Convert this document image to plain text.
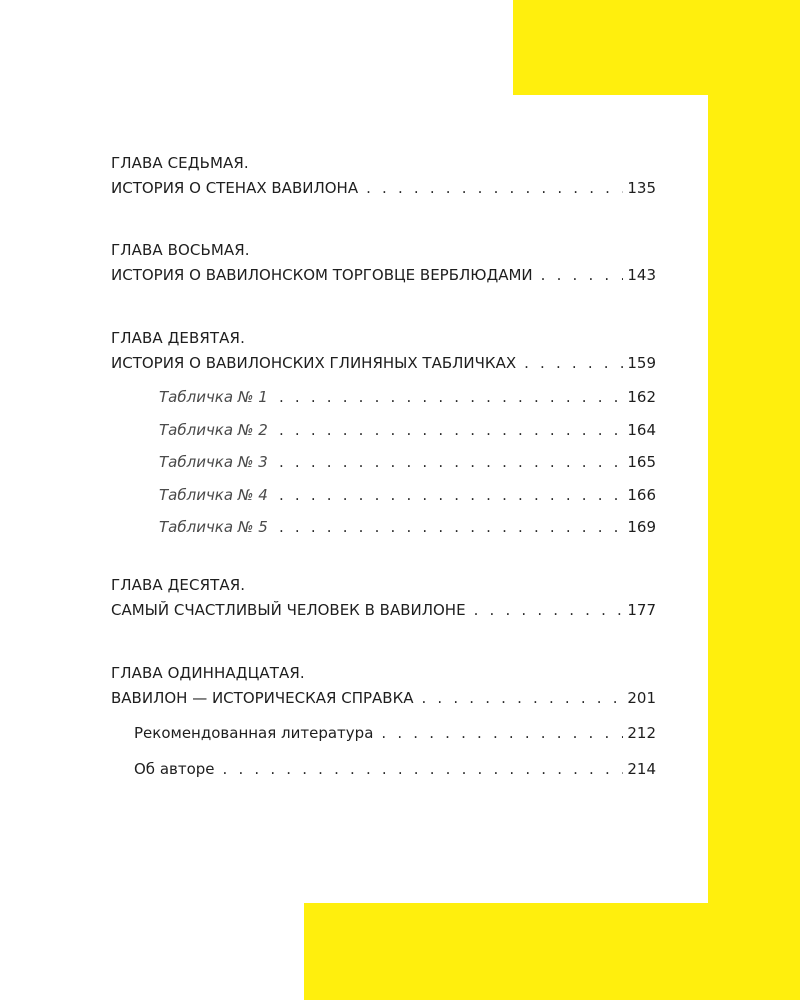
ГЛАВА СЕДЬМАЯ.
ИСТОРИЯ О СТЕНАХ ВАВИЛОНА . . .	135
ГЛАВА ВОСЬМАЯ.
ИСТОРИЯ О ВАВИЛОНСКОМ ТОРГОВЦЕ ВЕРБЛЮДАМИ . . .	143
ГЛАВА ДЕВЯТАЯ.
ИСТОРИЯ О ВАВИЛОНСКИХ ГЛИНЯНЫХ ТАБЛИЧКАХ . . .	159
Табличка № 1 . . .	162
Табличка № 2 . . .	164
Табличка № 3 . . .	165
Табличка № 4 . . .	166
Табличка № 5 . . .	169
ГЛАВА ДЕСЯТАЯ.
САМЫЙ СЧАСТЛИВЫЙ ЧЕЛОВЕК В ВАВИЛОНЕ . . .	177
ГЛАВА ОДИННАДЦАТАЯ.
ВАВИЛОН — ИСТОРИЧЕСКАЯ СПРАВКА . . .	201
Рекомендованная литература . . .	212
Об авторе . . .	214
